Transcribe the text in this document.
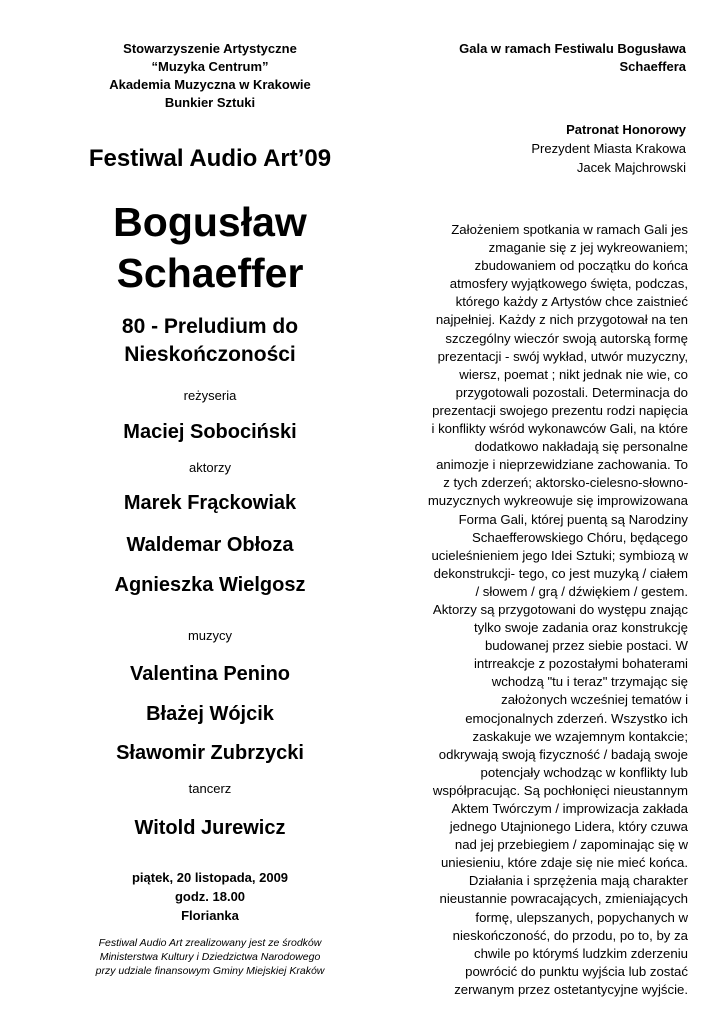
Stowarzyszenie Artystyczne
“Muzyka Centrum”
Akademia Muzyczna w Krakowie
Bunkier Sztuki
Festiwal Audio Art’09
Bogusław
Schaeffer
80 - Preludium do
Nieskończoności
reżyseria
Maciej Sobociński
aktorzy
Marek Frąckowiak
Waldemar Obłoza
Agnieszka Wielgosz
muzycy
Valentina Penino
Błażej Wójcik
Sławomir Zubrzycki
tancerz
Witold Jurewicz
piątek, 20 listopada, 2009
godz. 18.00
Florianka
Festiwal Audio Art zrealizowany jest ze środków
Ministerstwa Kultury i Dziedzictwa Narodowego
przy udziale finansowym Gminy Miejskiej Kraków
Gala w ramach Festiwalu Bogusława
Schaeffera
Patronat Honorowy
Prezydent Miasta Krakowa
Jacek Majchrowski
Założeniem spotkania w ramach Gali jes
zmaganie się z jej wykreowaniem;
zbudowaniem od początku do końca
atmosfery wyjątkowego święta, podczas,
którego każdy z Artystów chce zaistnieć
najpełniej. Każdy z nich przygotował na ten
szczególny wieczór swoją autorską formę
prezentacji - swój wykład, utwór muzyczny,
wiersz, poemat ; nikt jednak nie wie, co
przygotowali pozostali. Determinacja do
prezentacji swojego prezentu rodzi napięcia
i konflikty wśród wykonawców Gali, na które
dodatkowo nakładają się personalne
animozje i nieprzewidziane zachowania. To
z tych zderzeń; aktorsko-cielesno-słowno-
muzycznych wykreowuje się improwizowana
Forma Gali, której puentą są Narodziny
Schaefferowskiego Chóru, będącego
ucieleśnieniem jego Idei Sztuki; symbiozą w
dekonstrukcji- tego, co jest muzyką / ciałem
/ słowem / grą / dźwiękiem / gestem.
Aktorzy są przygotowani do występu znając
tylko swoje zadania oraz konstrukcję
budowanej przez siebie postaci. W
intrreakcje z pozostałymi bohaterami
wchodzą "tu i teraz" trzymając się
założonych wcześniej tematów i
emocjonalnych zderzeń. Wszystko ich
zaskakuje we wzajemnym kontakcie;
odkrywają swoją fizyczność / badają swoje
potencjały wchodząc w konflikty lub
współpracując. Są pochłonięci nieustannym
Aktem Twórczym / improwizacja zakłada
jednego Utajnionego Lidera, który czuwa
nad jej przebiegiem / zapominając się w
uniesieniu, które zdaje się nie mieć końca.
Działania i sprzężenia mają charakter
nieustannie powracających, zmieniających
formę, ulepszanych, popychanych w
nieskończoność, do przodu, po to, by za
chwile po którymś ludzkim zderzeniu
powrócić do punktu wyjścia lub zostać
zerwanym przez ostetantycyjne wyjście.
